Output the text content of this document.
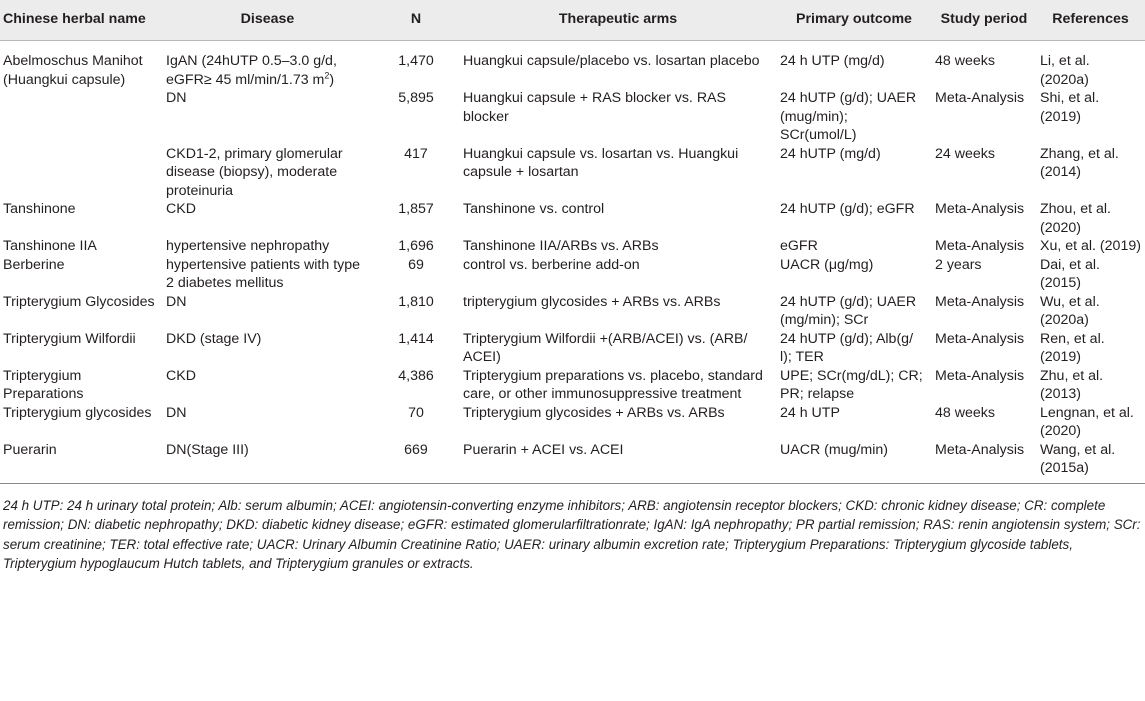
Chinese herbal name	Disease	N	Therapeutic arms	Primary outcome	Study period	References
Abelmoschus Manihot (Huangkui capsule)	IgAN (24hUTP 0.5–3.0 g/d, eGFR≥ 45 ml/min/1.73 $m^2$)	1,470	Huangkui capsule/placebo vs. losartan placebo	24 h UTP (mg/d)	48 weeks	Li, et al. (2020a)
	DN	5,895	Huangkui capsule + RAS blocker vs. RAS blocker	24 hUTP (g/d); UAER (mug/min); SCr(umol/L)	Meta-Analysis	Shi, et al. (2019)
	CKD1-2, primary glomerular disease (biopsy), moderate proteinuria	417	Huangkui capsule vs. losartan vs. Huangkui capsule + losartan	24 hUTP (mg/d)	24 weeks	Zhang, et al. (2014)
Tanshinone	CKD	1,857	Tanshinone vs. control	24 hUTP (g/d); eGFR	Meta-Analysis	Zhou, et al. (2020)
Tanshinone IIA	hypertensive nephropathy	1,696	Tanshinone IIA/ARBs vs. ARBs	eGFR	Meta-Analysis	Xu, et al. (2019)
Berberine	hypertensive patients with type 2 diabetes mellitus	69	control vs. berberine add-on	UACR (μg/mg)	2 years	Dai, et al. (2015)
Tripterygium Glycosides	DN	1,810	tripterygium glycosides + ARBs vs. ARBs	24 hUTP (g/d); UAER (mg/min); SCr	Meta-Analysis	Wu, et al. (2020a)
Tripterygium Wilfordii	DKD (stage IV)	1,414	Tripterygium Wilfordii +(ARB/ACEI) vs. (ARB/ ACEI)	24 hUTP (g/d); Alb(g/ l); TER	Meta-Analysis	Ren, et al. (2019)
Tripterygium Preparations	CKD	4,386	Tripterygium preparations vs. placebo, standard care, or other immunosuppressive treatment	UPE; SCr(mg/dL); CR; PR; relapse	Meta-Analysis	Zhu, et al. (2013)
Tripterygium glycosides	DN	70	Tripterygium glycosides + ARBs vs. ARBs	24 h UTP	48 weeks	Lengnan, et al. (2020)
Puerarin	DN(Stage III)	669	Puerarin + ACEI vs. ACEI	UACR (mug/min)	Meta-Analysis	Wang, et al. (2015a)
24 h UTP: 24 h urinary total protein; Alb: serum albumin; ACEI: angiotensin-converting enzyme inhibitors; ARB: angiotensin receptor blockers; CKD: chronic kidney disease; CR: complete remission; DN: diabetic nephropathy; DKD: diabetic kidney disease; eGFR: estimated glomerularfiltrationrate; IgAN: IgA nephropathy; PR partial remission; RAS: renin angiotensin system; SCr: serum creatinine; TER: total effective rate; UACR: Urinary Albumin Creatinine Ratio; UAER: urinary albumin excretion rate; Tripterygium Preparations: Tripterygium glycoside tablets, Tripterygium hypoglaucum Hutch tablets, and Tripterygium granules or extracts.
